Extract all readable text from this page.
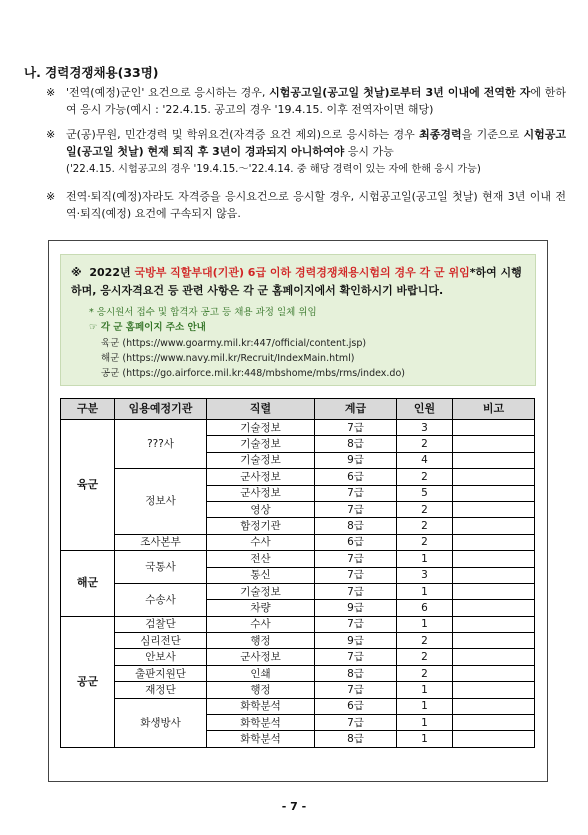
나. 경력경쟁채용(33명)
※ '전역(예정)군인' 요건으로 응시하는 경우, 시험공고일(공고일 첫날)로부터 3년 이내에 전역한 자에 한하여 응시 가능(예시 : '22.4.15. 공고의 경우 '19.4.15. 이후 전역자이면 해당)
※ 군(공)무원, 민간경력 및 학위요건(자격증 요건 제외)으로 응시하는 경우 최종경력을 기준으로 시험공고일(공고일 첫날) 현재 퇴직 후 3년이 경과되지 아니하여야 응시 가능
('22.4.15. 시험공고의 경우 '19.4.15.～'22.4.14. 중 해당 경력이 있는 자에 한해 응시 가능)
※ 전역·퇴직(예정)자라도 자격증을 응시요건으로 응시할 경우, 시험공고일(공고일 첫날) 현재 3년 이내 전역·퇴직(예정) 요건에 구속되지 않음.
※ 2022년 국방부 직할부대(기관) 6급 이하 경력경쟁채용시험의 경우 각 군 위임*하여 시행하며, 응시자격요건 등 관련 사항은 각 군 홈페이지에서 확인하시기 바랍니다.
* 응시원서 접수 및 합격자 공고 등 채용 과정 일체 위임
☞ 각 군 홈페이지 주소 안내
육군 (https://www.goarmy.mil.kr:447/official/content.jsp)
해군 (https://www.navy.mil.kr/Recruit/IndexMain.html)
공군 (https://go.airforce.mil.kr:448/mbshome/mbs/rms/index.do)
구분	임용예정기관	직렬	계급	인원	비고
육군	???사	기술정보	7급	3	
		기술정보	8급	2	
		기술정보	9급	4	
	정보사	군사정보	6급	2	
		군사정보	7급	5	
		영상	7급	2	
		함정기관	8급	2	
	조사본부	수사	6급	2	
해군	국통사	전산	7급	1	
		통신	7급	3	
	수송사	기술정보	7급	1	
		차량	9급	6	
공군	검찰단	수사	7급	1	
	심리전단	행정	9급	2	
	안보사	군사정보	7급	2	
	출판지원단	인쇄	8급	2	
	재정단	행정	7급	1	
	화생방사	화학분석	6급	1	
		화학분석	7급	1	
		화학분석	8급	1	
- 7 -
